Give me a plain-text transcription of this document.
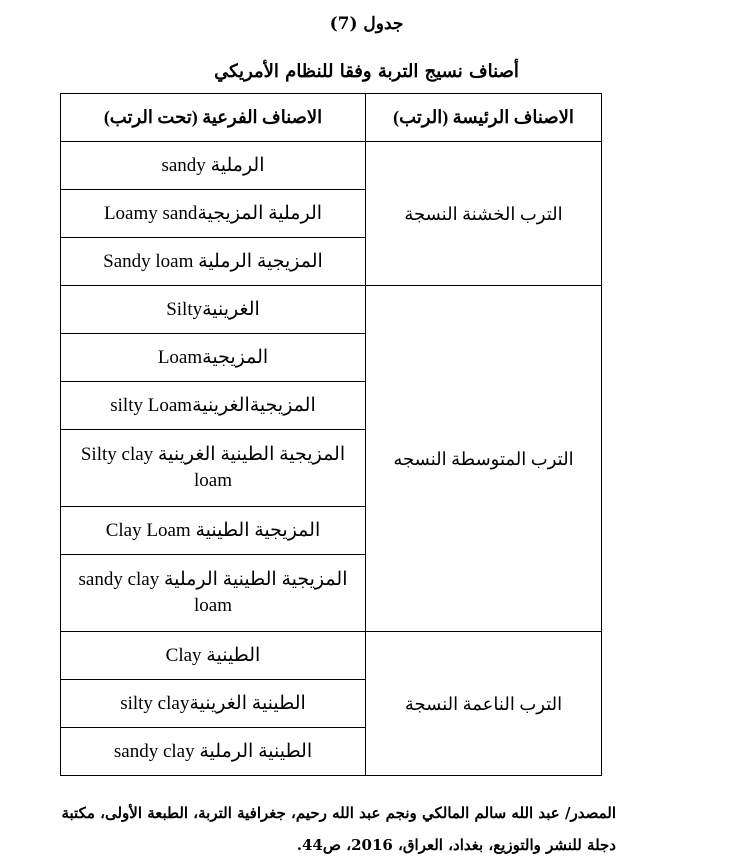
جدول (7)
أصناف نسيج التربة وفقا للنظام الأمريكي
الاصناف الرئيسة (الرتب)	الاصناف الفرعية (تحت الرتب)
الترب الخشنة النسجة	الرملية sandy
	الرملية المزيجيةLoamy sand
	المزيجية الرملية Sandy loam
الترب المتوسطة النسجه	الغرينيةSilty
	المزيجيةLoam
	المزيجيةالغرينيةsilty Loam
	المزيجية الطينية الغرينية Silty clay loam
	المزيجية الطينية Clay Loam
	المزيجية الطينية الرملية sandy clay loam
الترب الناعمة النسجة	الطينية Clay
	الطينية الغرينيةsilty clay
	الطينية الرملية sandy clay
المصدر/ عبد الله سالم المالكي ونجم عبد الله رحيم، جغرافية التربة، الطبعة الأولى، مكتبة دجلة للنشر والتوزيع، بغداد، العراق، 2016، ص44.
